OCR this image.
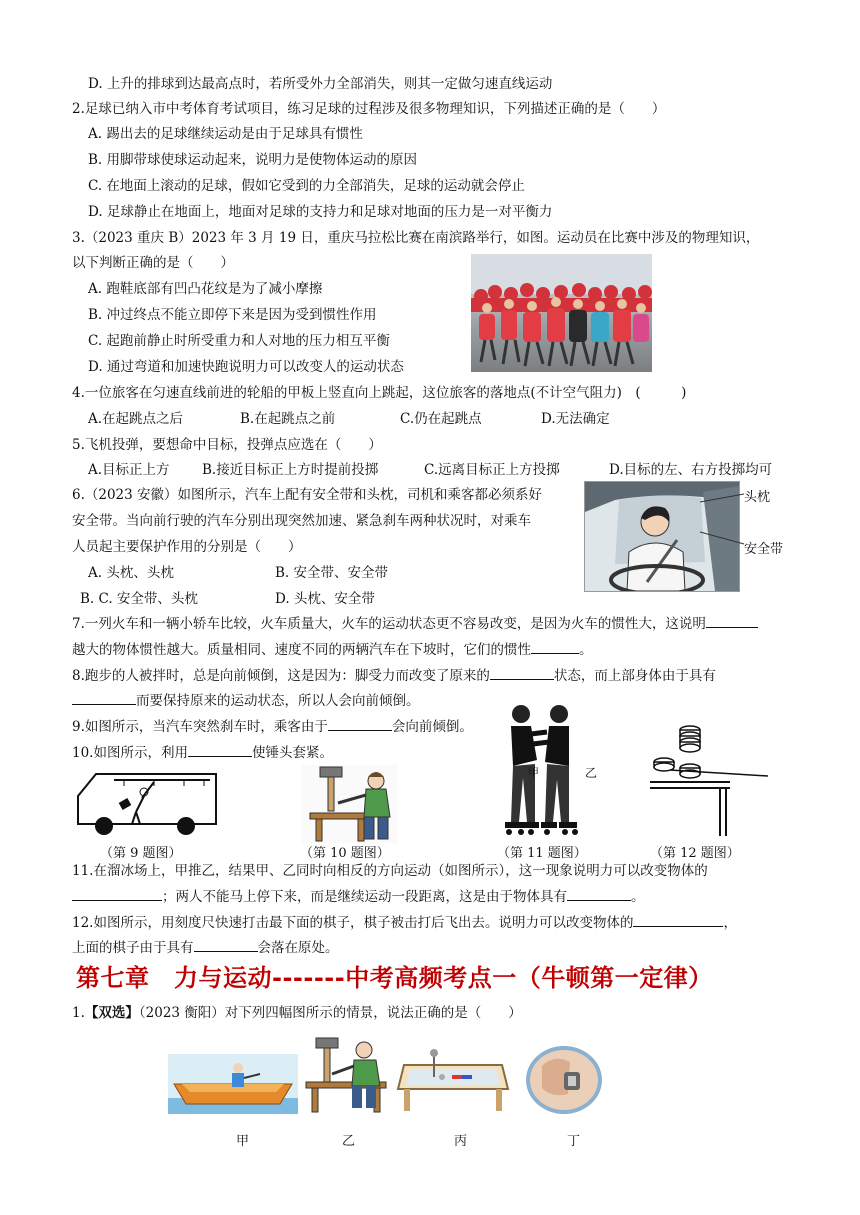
D. 上升的排球到达最高点时，若所受外力全部消失，则其一定做匀速直线运动
2.足球已纳入市中考体育考试项目，练习足球的过程涉及很多物理知识，下列描述正确的是（　　）
A. 踢出去的足球继续运动是由于足球具有惯性
B. 用脚带球使球运动起来，说明力是使物体运动的原因
C. 在地面上滚动的足球，假如它受到的力全部消失，足球的运动就会停止
D. 足球静止在地面上，地面对足球的支持力和足球对地面的压力是一对平衡力
3.（2023 重庆 B）2023 年 3 月 19 日，重庆马拉松比赛在南滨路举行，如图。运动员在比赛中涉及的物理知识，
以下判断正确的是（　　）
A. 跑鞋底部有凹凸花纹是为了减小摩擦
B. 冲过终点不能立即停下来是因为受到惯性作用
C. 起跑前静止时所受重力和人对地的压力相互平衡
D. 通过弯道和加速快跑说明力可以改变人的运动状态
4.一位旅客在匀速直线前进的轮船的甲板上竖直向上跳起，这位旅客的落地点(不计空气阻力)　(　　　)
A.在起跳点之后	B.在起跳点之前	C.仍在起跳点	D.无法确定
5.飞机投弹，要想命中目标，投弹点应选在（　　）
A.目标正上方 B.接近目标正上方时提前投掷	C.远离目标正上方投掷	D.目标的左、右方投掷均可
6.（2023 安徽）如图所示，汽车上配有安全带和头枕，司机和乘客都必须系好
安全带。当向前行驶的汽车分别出现突然加速、紧急刹车两种状况时，对乘车
人员起主要保护作用的分别是（　　）
A. 头枕、头枕	B. 安全带、安全带
B. C. 安全带、头枕	D. 头枕、安全带
头枕
安全带
7.一列火车和一辆小轿车比较，火车质量大，火车的运动状态更不容易改变，是因为火车的惯性大，这说明
越大的物体惯性越大。质量相同、速度不同的两辆汽车在下坡时，它们的惯性	。
8.跑步的人被拌时，总是向前倾倒，这是因为：脚受力而改变了原来的	状态，而上部身体由于具有
而要保持原来的运动状态，所以人会向前倾倒。
9.如图所示，当汽车突然刹车时，乘客由于	会向前倾倒。
10.如图所示，利用	使锤头套紧。
（第 9 题图）	（第 10 题图）
甲	乙
（第 11 题图）	（第 12 题图）
11.在溜冰场上，甲推乙，结果甲、乙同时向相反的方向运动（如图所示），这一现象说明力可以改变物体的
；两人不能马上停下来，而是继续运动一段距离，这是由于物体具有	。
12.如图所示，用刻度尺快速打击最下面的棋子，棋子被击打后飞出去。说明力可以改变物体的	，
上面的棋子由于具有	会落在原处。
第七章　力与运动-------中考高频考点一（牛顿第一定律）
1.【双选】（2023 衡阳）对下列四幅图所示的情景，说法正确的是（　　）
甲	乙	丙	丁
